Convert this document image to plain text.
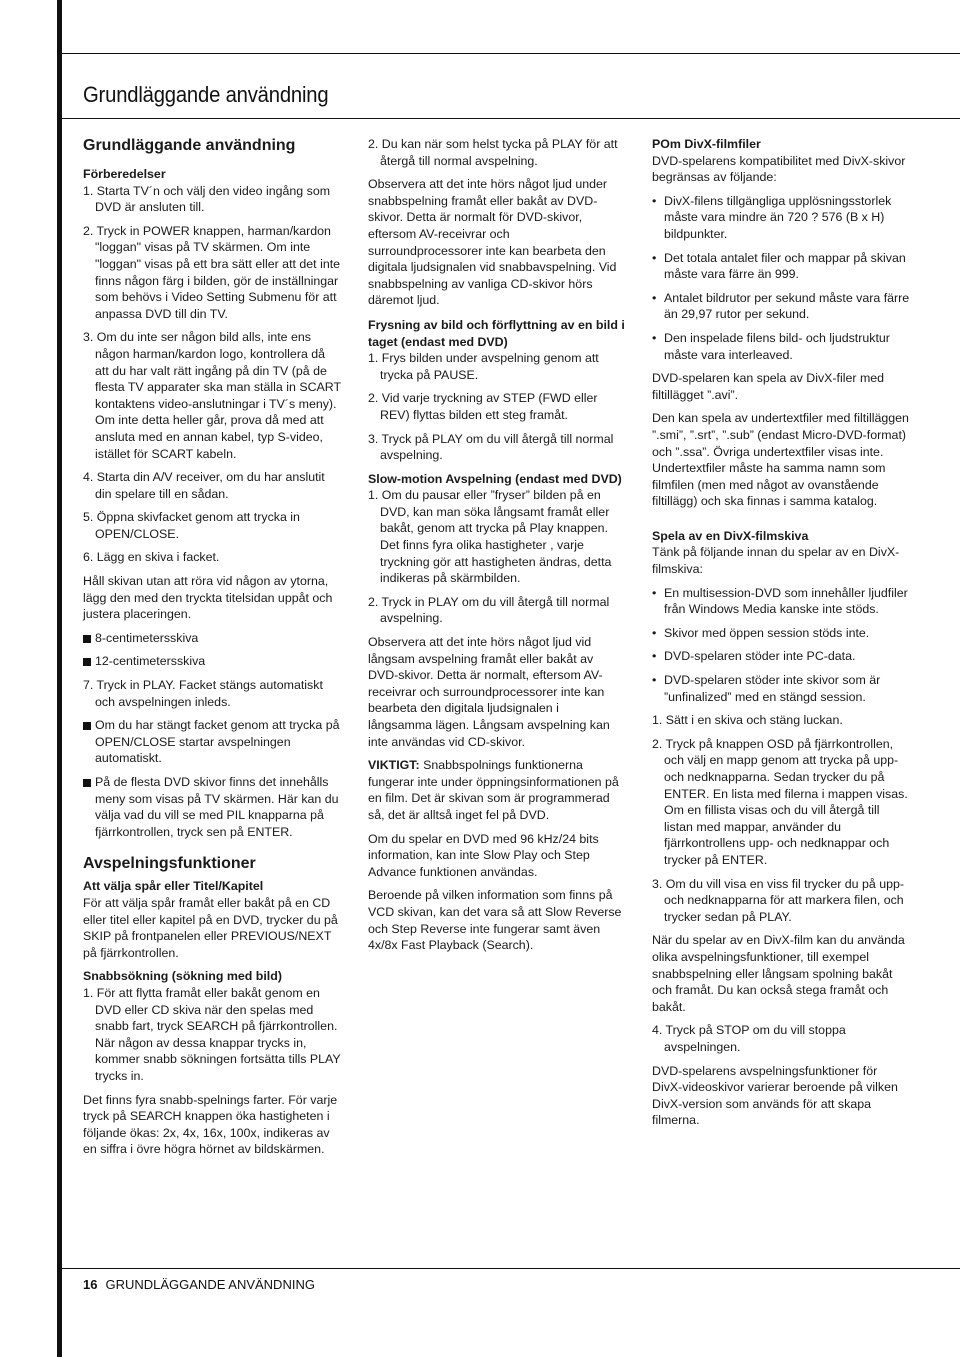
Grundläggande användning
Grundläggande användning
Förberedelser

1. Starta TV´n och välj den video ingång som DVD är ansluten till.

2. Tryck in POWER knappen, harman/kardon "loggan" visas på TV skärmen. Om inte "loggan" visas på ett bra sätt eller att det inte finns någon färg i bilden, gör de inställningar som behövs i Video Setting Submenu för att anpassa DVD till din TV.

3. Om du inte ser någon bild alls, inte ens någon harman/kardon logo, kontrollera då att du har valt rätt ingång på din TV (på de flesta TV apparater ska man ställa in SCART kontaktens video-anslutningar i TV´s meny). Om inte detta heller går, prova då med att ansluta med en annan kabel, typ S-video, istället för SCART kabeln.

4. Starta din A/V receiver, om du har anslutit din spelare till en sådan.

5. Öppna skivfacket genom att trycka in OPEN/CLOSE.

6. Lägg en skiva i facket.

Håll skivan utan att röra vid någon av ytorna, lägg den med den tryckta titelsidan uppåt och justera placeringen.

8-centimetersskiva

12-centimetersskiva

7. Tryck in PLAY. Facket stängs automatiskt och avspelningen inleds.

Om du har stängt facket genom att trycka på OPEN/CLOSE startar avspelningen automatiskt.

På de flesta DVD skivor finns det innehålls meny som visas på TV skärmen. Här kan du välja vad du vill se med PIL knapparna på fjärrkontrollen, tryck sen på ENTER.

Avspelningsfunktioner
Att välja spår eller Titel/Kapitel

För att välja spår framåt eller bakåt på en CD eller titel eller kapitel på en DVD, trycker du på SKIP på frontpanelen eller PREVIOUS/NEXT på fjärrkontrollen.

Snabbsökning (sökning med bild)

1. För att flytta framåt eller bakåt genom en DVD eller CD skiva när den spelas med snabb fart, tryck SEARCH på fjärrkontrollen. När någon av dessa knappar trycks in, kommer snabb sökningen fortsätta tills PLAY trycks in.

Det finns fyra snabb-spelnings farter. För varje tryck på SEARCH knappen öka hastigheten i följande ökas: 2x, 4x, 16x, 100x, indikeras av en siffra i övre högra hörnet av bildskärmen.

2. Du kan när som helst tycka på PLAY för att återgå till normal avspelning.

Observera att det inte hörs något ljud under snabbspelning framåt eller bakåt av DVD-skivor. Detta är normalt för DVD-skivor, eftersom AV-receivrar och surroundprocessorer inte kan bearbeta den digitala ljudsignalen vid snabbavspelning. Vid snabbspelning av vanliga CD-skivor hörs däremot ljud.

Frysning av bild och förflyttning av en bild i taget (endast med DVD)

1. Frys bilden under avspelning genom att trycka på PAUSE.

2. Vid varje tryckning av STEP (FWD eller REV) flyttas bilden ett steg framåt.

3. Tryck på PLAY om du vill återgå till normal avspelning.

Slow-motion Avspelning (endast med DVD)

1. Om du pausar eller ”fryser” bilden på en DVD, kan man söka långsamt framåt eller bakåt, genom att trycka på Play knappen. Det finns fyra olika hastigheter , varje tryckning gör att hastigheten ändras, detta indikeras på skärmbilden.

2. Tryck in PLAY om du vill återgå till normal avspelning.

Observera att det inte hörs något ljud vid långsam avspelning framåt eller bakåt av DVD-skivor. Detta är normalt, eftersom AV-receivrar och surroundprocessorer inte kan bearbeta den digitala ljudsignalen i långsamma lägen. Långsam avspelning kan inte användas vid CD-skivor.

VIKTIGT: Snabbspolnings funktionerna fungerar inte under öppningsinformationen på en film. Det är skivan som är programmerad så, det är alltså inget fel på DVD.

Om du spelar en DVD med 96 kHz/24 bits information, kan inte Slow Play och Step Advance funktionen användas.

Beroende på vilken information som finns på VCD skivan, kan det vara så att Slow Reverse och Step Reverse inte fungerar samt även 4x/8x Fast Playback (Search).

POm DivX-filmfiler

DVD-spelarens kompatibilitet med DivX-skivor begränsas av följande:

• DivX-filens tillgängliga upplösningsstorlek måste vara mindre än 720 ? 576 (B x H) bildpunkter.

• Det totala antalet filer och mappar på skivan måste vara färre än 999.

• Antalet bildrutor per sekund måste vara färre än 29,97 rutor per sekund.

• Den inspelade filens bild- och ljudstruktur måste vara interleaved.

DVD-spelaren kan spela av DivX-filer med filtillägget ”.avi”.

Den kan spela av undertextfiler med filtilläggen ”.smi”, ”.srt”, ”.sub” (endast Micro-DVD-format) och ”.ssa”. Övriga undertextfiler visas inte. Undertextfiler måste ha samma namn som filmfilen (men med något av ovanstående filtillägg) och ska finnas i samma katalog.

Spela av en DivX-filmskiva

Tänk på följande innan du spelar av en DivX-filmskiva:

• En multisession-DVD som innehåller ljudfiler från Windows Media kanske inte stöds.

• Skivor med öppen session stöds inte.

• DVD-spelaren stöder inte PC-data.

• DVD-spelaren stöder inte skivor som är ”unfinalized” med en stängd session.

1. Sätt i en skiva och stäng luckan.

2. Tryck på knappen OSD på fjärrkontrollen, och välj en mapp genom att trycka på upp- och nedknapparna. Sedan trycker du på ENTER. En lista med filerna i mappen visas. Om en fillista visas och du vill återgå till listan med mappar, använder du fjärrkontrollens upp- och nedknappar och trycker på ENTER.

3. Om du vill visa en viss fil trycker du på upp- och nedknapparna för att markera filen, och trycker sedan på PLAY.

När du spelar av en DivX-film kan du använda olika avspelningsfunktioner, till exempel snabbspelning eller långsam spolning bakåt och framåt. Du kan också stega framåt och bakåt.

4. Tryck på STOP om du vill stoppa avspelningen.

DVD-spelarens avspelningsfunktioner för DivX-videoskivor varierar beroende på vilken DivX-version som används för att skapa filmerna.

16 GRUNDLÄGGANDE ANVÄNDNING
